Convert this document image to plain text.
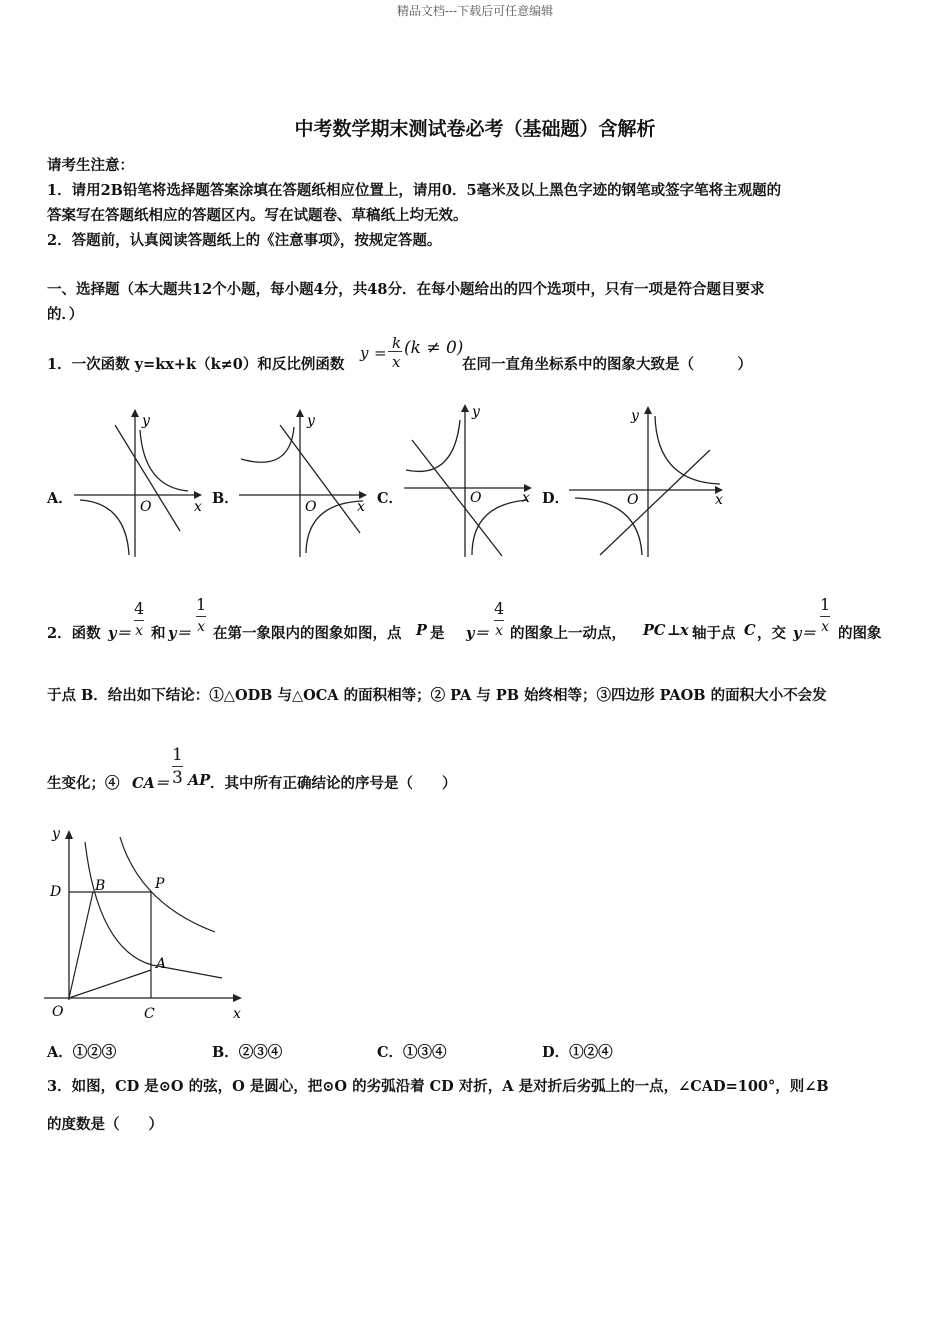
精品文档---下载后可任意编辑
中考数学期末测试卷必考（基础题）含解析
请考生注意：
1．请用2B铅笔将选择题答案涂填在答题纸相应位置上，请用0．5毫米及以上黑色字迹的钢笔或签字笔将主观题的
答案写在答题纸相应的答题区内。写在试题卷、草稿纸上均无效。
2．答题前，认真阅读答题纸上的《注意事项》，按规定答题。
一、选择题（本大题共12个小题，每小题4分，共48分．在每小题给出的四个选项中，只有一项是符合题目要求
的．）
1．一次函数 y=kx+k（k≠0）和反比例函数
y =
k
x
(k ≠ 0)
在同一直角坐标系中的图象大致是（　　　）
A．	B．	C．	D．
y
x
O
y
x
O
y
x
O
y
x
O
2．函数 $y= \frac{4}{x}$ 和 $y= \frac{1}{x}$ 在第一象限内的图象如图，点 P 是 $y= \frac{4}{x}$ 的图象上一动点， PC ⊥ x 轴于点 C ，交 $y= \frac{1}{x}$ 的图象
于点 B．给出如下结论：①△ODB 与△OCA 的面积相等；② PA 与 PB 始终相等；③四边形 PAOB 的面积大小不会发
生变化；④ $CA= \frac{1}{3}$ AP ．其中所有正确结论的序号是（　　）
y
D B	P
A
O	C	x
A．①②③	B．②③④	C．①③④	D．①②④
3．如图，CD 是⊙O 的弦，O 是圆心，把⊙O 的劣弧沿着 CD 对折，A 是对折后劣弧上的一点，∠CAD=100°，则∠B
的度数是（　　）
